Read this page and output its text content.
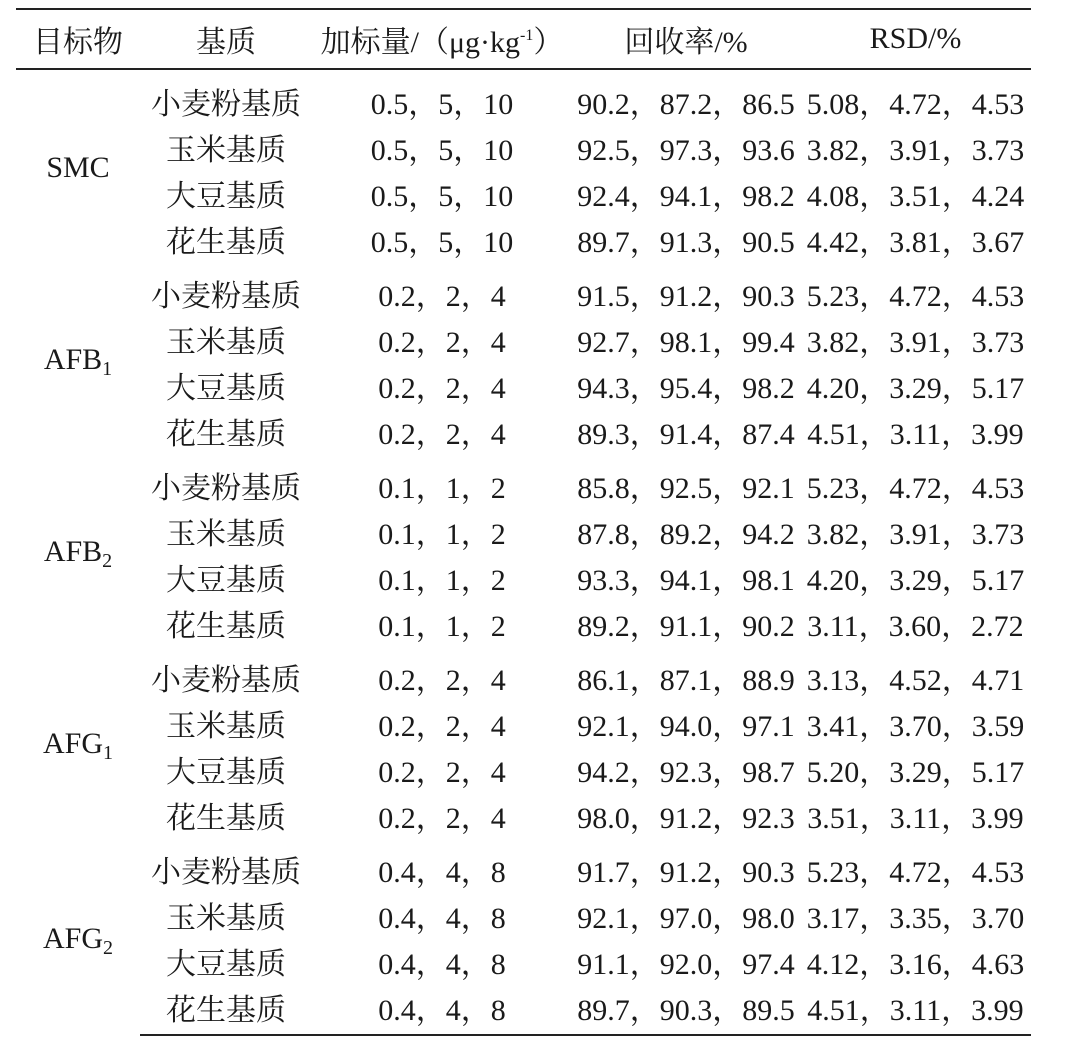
目标物	基质	加标量$/(\mu g\cdot kg^{-1})$	回收率/%	RSD/%
SMC	小麦粉基质	0.5，5，10	90.2，87.2，86.5	5.08，4.72，4.53
	玉米基质	0.5，5，10	92.5，97.3，93.6	3.82，3.91，3.73
	大豆基质	0.5，5，10	92.4，94.1，98.2	4.08，3.51，4.24
	花生基质	0.5，5，10	89.7，91.3，90.5	4.42，3.81，3.67
$AFB_1$	小麦粉基质	0.2，2，4	91.5，91.2，90.3	5.23，4.72，4.53
	玉米基质	0.2，2，4	92.7，98.1，99.4	3.82，3.91，3.73
	大豆基质	0.2，2，4	94.3，95.4，98.2	4.20，3.29，5.17
	花生基质	0.2，2，4	89.3，91.4，87.4	4.51，3.11，3.99
$AFB_2$	小麦粉基质	0.1，1，2	85.8，92.5，92.1	5.23，4.72，4.53
	玉米基质	0.1，1，2	87.8，89.2，94.2	3.82，3.91，3.73
	大豆基质	0.1，1，2	93.3，94.1，98.1	4.20，3.29，5.17
	花生基质	0.1，1，2	89.2，91.1，90.2	3.11，3.60，2.72
$AFG_1$	小麦粉基质	0.2，2，4	86.1，87.1，88.9	3.13，4.52，4.71
	玉米基质	0.2，2，4	92.1，94.0，97.1	3.41，3.70，3.59
	大豆基质	0.2，2，4	94.2，92.3，98.7	5.20，3.29，5.17
	花生基质	0.2，2，4	98.0，91.2，92.3	3.51，3.11，3.99
$AFG_2$	小麦粉基质	0.4，4，8	91.7，91.2，90.3	5.23，4.72，4.53
	玉米基质	0.4，4，8	92.1，97.0，98.0	3.17，3.35，3.70
	大豆基质	0.4，4，8	91.1，92.0，97.4	4.12，3.16，4.63
	花生基质	0.4，4，8	89.7，90.3，89.5	4.51，3.11，3.99
